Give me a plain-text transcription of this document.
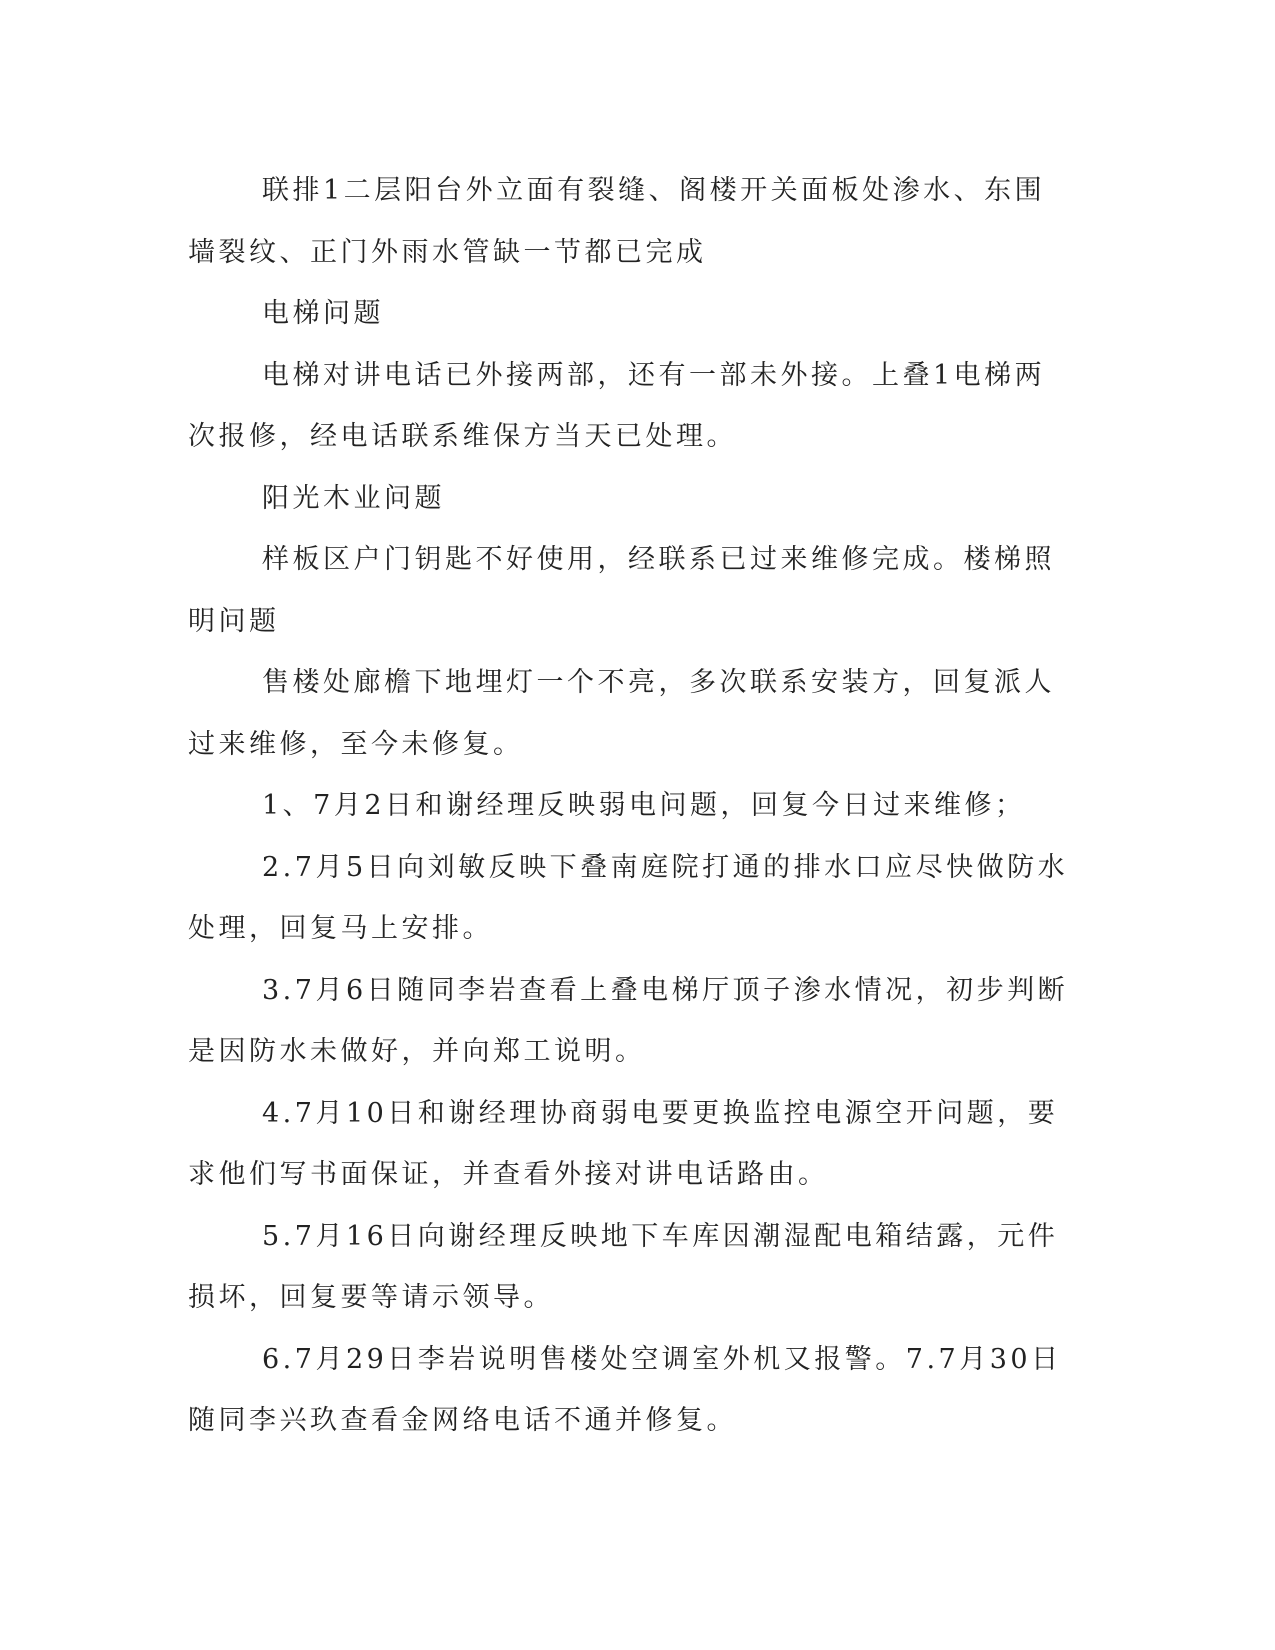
联排1二层阳台外立面有裂缝、阁楼开关面板处渗水、东围墙裂纹、正门外雨水管缺一节都已完成

电梯问题

电梯对讲电话已外接两部，还有一部未外接。上叠1电梯两次报修，经电话联系维保方当天已处理。

阳光木业问题

样板区户门钥匙不好使用，经联系已过来维修完成。楼梯照明问题

售楼处廊檐下地埋灯一个不亮，多次联系安装方，回复派人过来维修，至今未修复。

1、7月2日和谢经理反映弱电问题，回复今日过来维修；

2.7月5日向刘敏反映下叠南庭院打通的排水口应尽快做防水处理，回复马上安排。

3.7月6日随同李岩查看上叠电梯厅顶子渗水情况，初步判断是因防水未做好，并向郑工说明。

4.7月10日和谢经理协商弱电要更换监控电源空开问题，要求他们写书面保证，并查看外接对讲电话路由。

5.7月16日向谢经理反映地下车库因潮湿配电箱结露，元件损坏，回复要等请示领导。

6.7月29日李岩说明售楼处空调室外机又报警。7.7月30日随同李兴玖查看金网络电话不通并修复。
